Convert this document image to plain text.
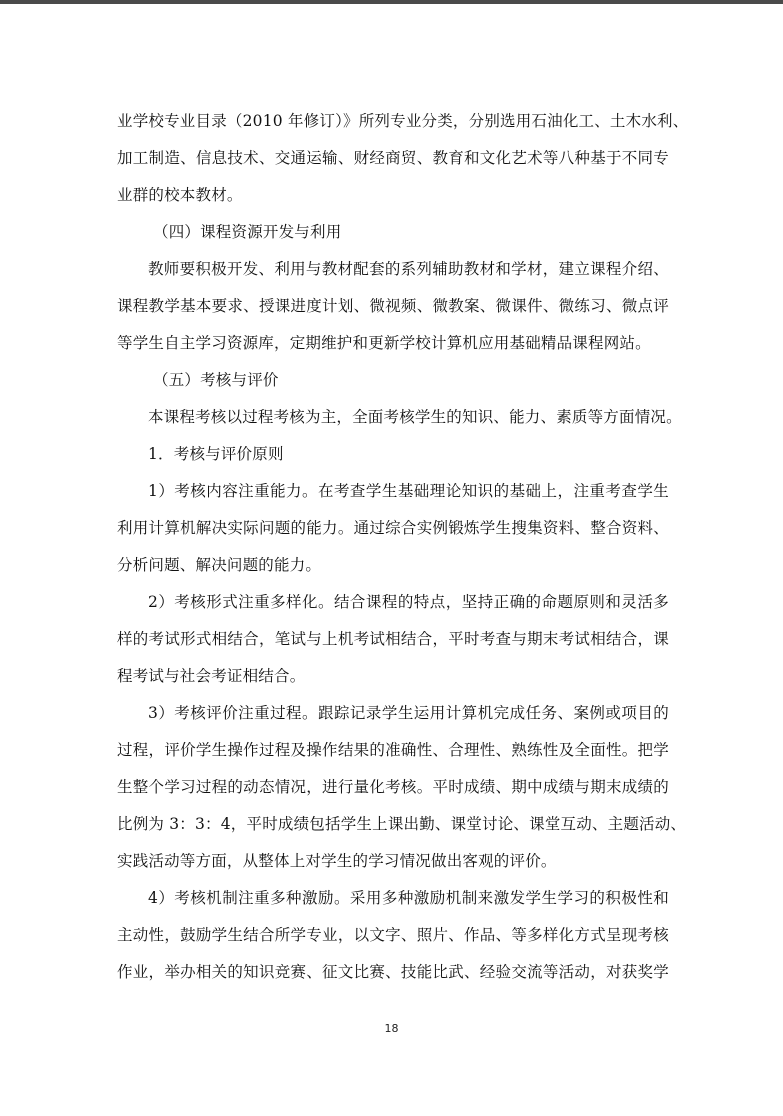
业学校专业目录（2010 年修订）》所列专业分类，分别选用石油化工、土木水利、
加工制造、信息技术、交通运输、财经商贸、教育和文化艺术等八种基于不同专
业群的校本教材。
（四）课程资源开发与利用
教师要积极开发、利用与教材配套的系列辅助教材和学材，建立课程介绍、
课程教学基本要求、授课进度计划、微视频、微教案、微课件、微练习、微点评
等学生自主学习资源库，定期维护和更新学校计算机应用基础精品课程网站。
（五）考核与评价
本课程考核以过程考核为主，全面考核学生的知识、能力、素质等方面情况。
1．考核与评价原则
1）考核内容注重能力。在考查学生基础理论知识的基础上，注重考查学生
利用计算机解决实际问题的能力。通过综合实例锻炼学生搜集资料、整合资料、
分析问题、解决问题的能力。
2）考核形式注重多样化。结合课程的特点，坚持正确的命题原则和灵活多
样的考试形式相结合，笔试与上机考试相结合，平时考查与期末考试相结合，课
程考试与社会考证相结合。
3）考核评价注重过程。跟踪记录学生运用计算机完成任务、案例或项目的
过程，评价学生操作过程及操作结果的准确性、合理性、熟练性及全面性。把学
生整个学习过程的动态情况，进行量化考核。平时成绩、期中成绩与期末成绩的
比例为 3：3：4，平时成绩包括学生上课出勤、课堂讨论、课堂互动、主题活动、
实践活动等方面，从整体上对学生的学习情况做出客观的评价。
4）考核机制注重多种激励。采用多种激励机制来激发学生学习的积极性和
主动性，鼓励学生结合所学专业，以文字、照片、作品、等多样化方式呈现考核
作业，举办相关的知识竞赛、征文比赛、技能比武、经验交流等活动，对获奖学
18
